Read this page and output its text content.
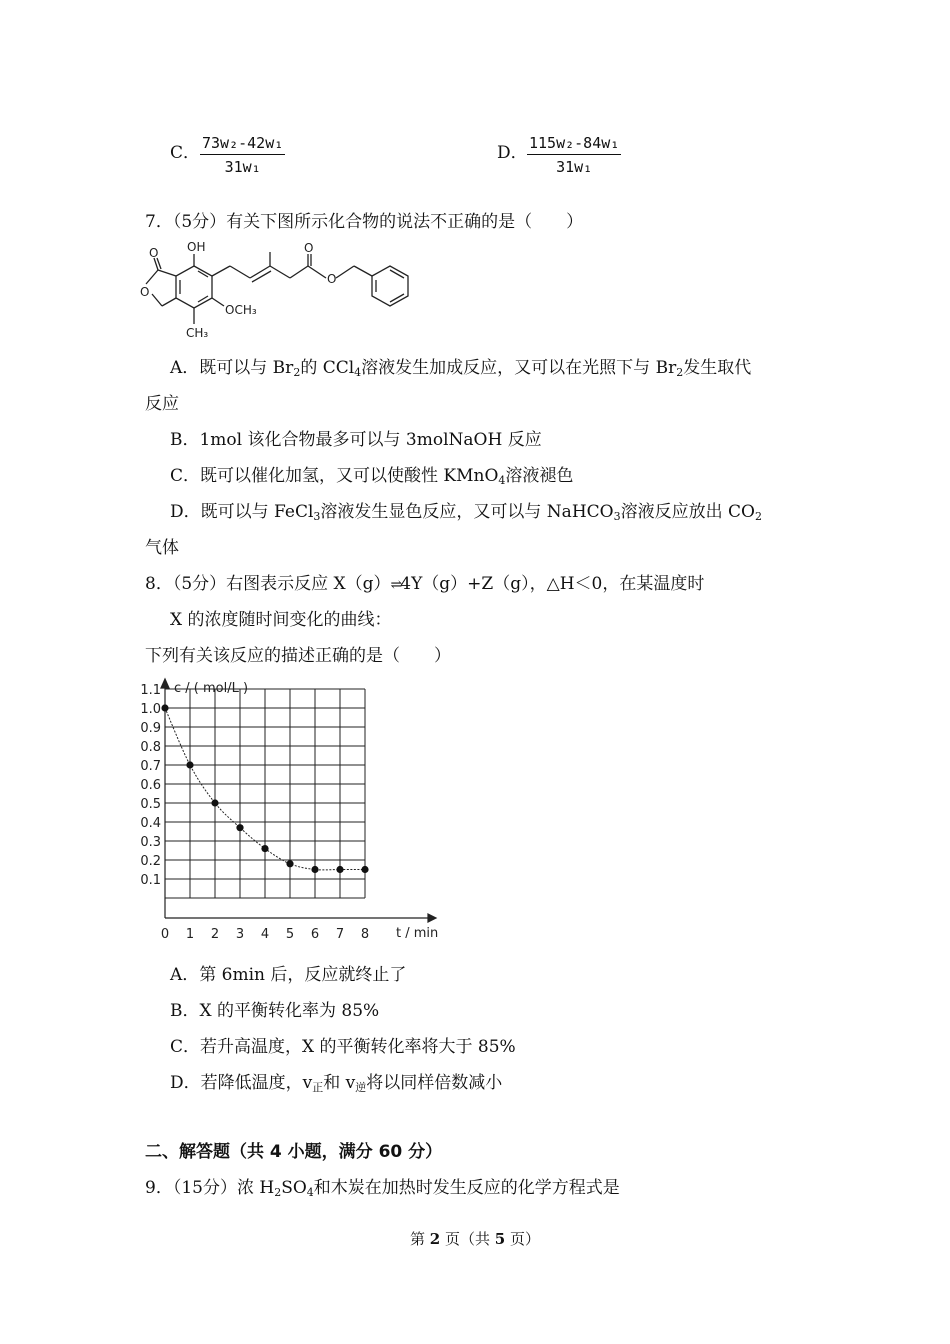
C． $\frac{\text{73w₂-42w₁}}{\text{31w₁}}$	D． $\frac{\text{115w₂-84w₁}}{\text{31w₁}}$
7．（5分）有关下图所示化合物的说法不正确的是（　　）
OH
O
O
OCH₃
CH₃
O
O
A．既可以与 $Br_2$的 CCl$_4$溶液发生加成反应，又可以在光照下与 $Br_2$发生取代
反应
B．1mol 该化合物最多可以与 3molNaOH 反应
C．既可以催化加氢，又可以使酸性 KMnO$_4$溶液褪色
D．既可以与 FeCl$_3$溶液发生显色反应，又可以与 NaHCO$_3$溶液反应放出 $CO_2$
气体
8．（5分）右图表示反应 X（g）⇌4Y（g）+Z（g），△H＜0，在某温度时
X 的浓度随时间变化的曲线：
下列有关该反应的描述正确的是（　　）
c / ( mol/L )
t / min
0 1 2 3 4 5 6 7 8
0.1
0.2
0.3
0.4
0.5
0.6
0.7
0.8
0.9
1.0
1.1
A．第 6min 后，反应就终止了
B．X 的平衡转化率为 85%
C．若升高温度，X 的平衡转化率将大于 85%
D．若降低温度，$v_正$和 $v_逆$将以同样倍数减小
二、解答题（共 4 小题，满分 60 分）
9．（15分）浓 $H_2SO_4$和木炭在加热时发生反应的化学方程式是
第 2 页（共 5 页）
